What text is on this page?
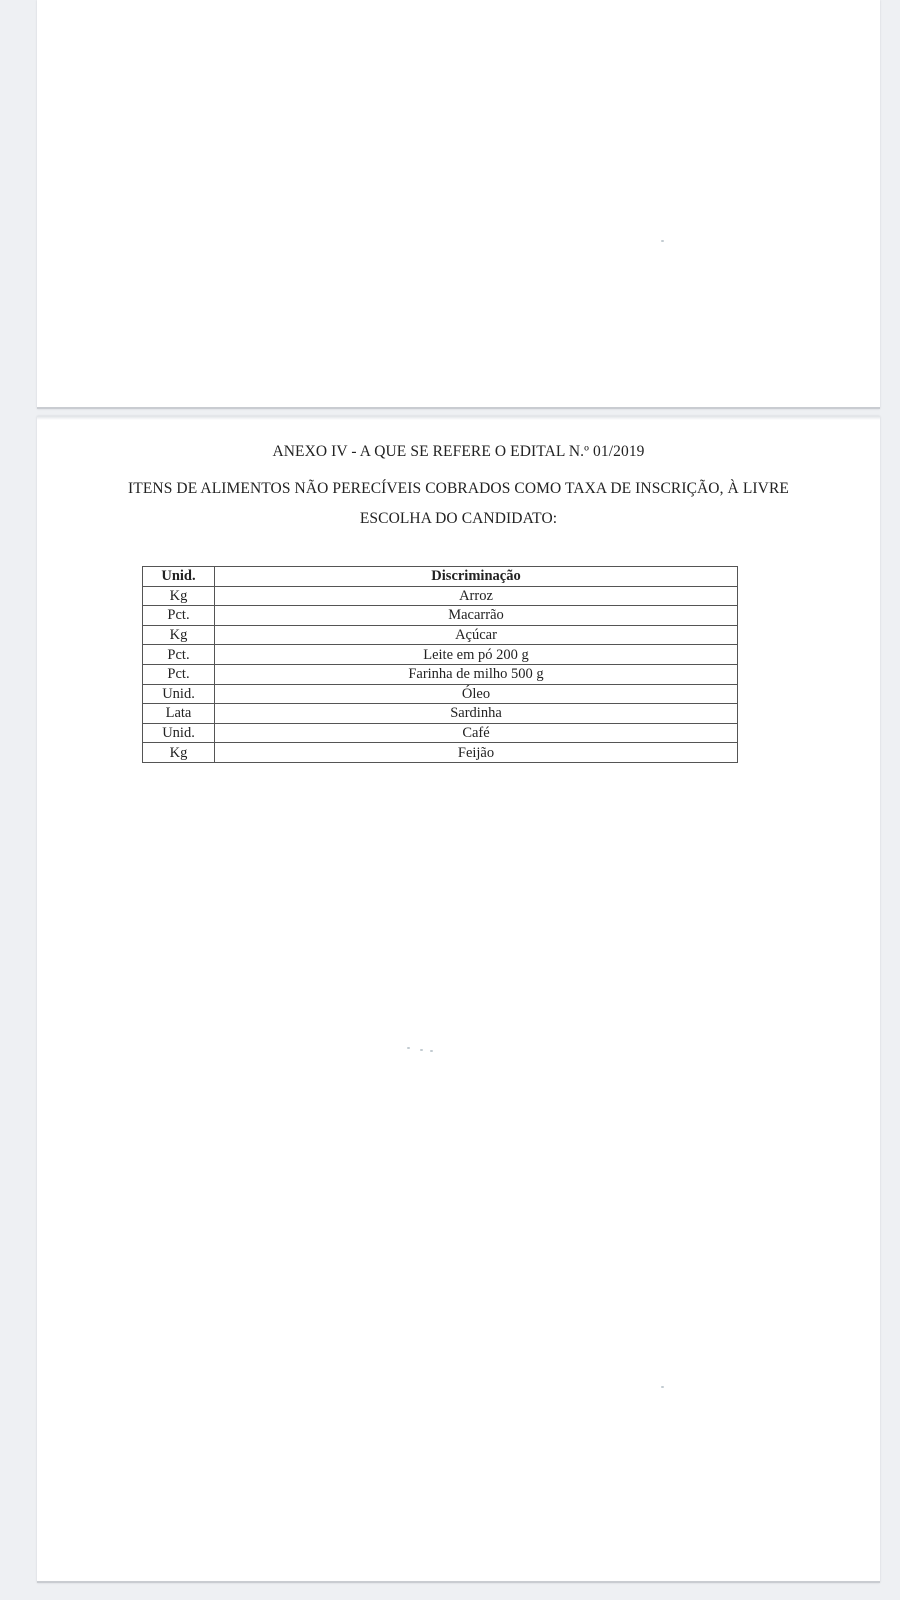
ANEXO IV - A QUE SE REFERE O EDITAL N.º 01/2019
ITENS DE ALIMENTOS NÃO PERECÍVEIS COBRADOS COMO TAXA DE INSCRIÇÃO, À LIVRE
ESCOLHA DO CANDIDATO:
Unid.	Discriminação
Kg	Arroz
Pct.	Macarrão
Kg	Açúcar
Pct.	Leite em pó 200 g
Pct.	Farinha de milho 500 g
Unid.	Óleo
Lata	Sardinha
Unid.	Café
Kg	Feijão
